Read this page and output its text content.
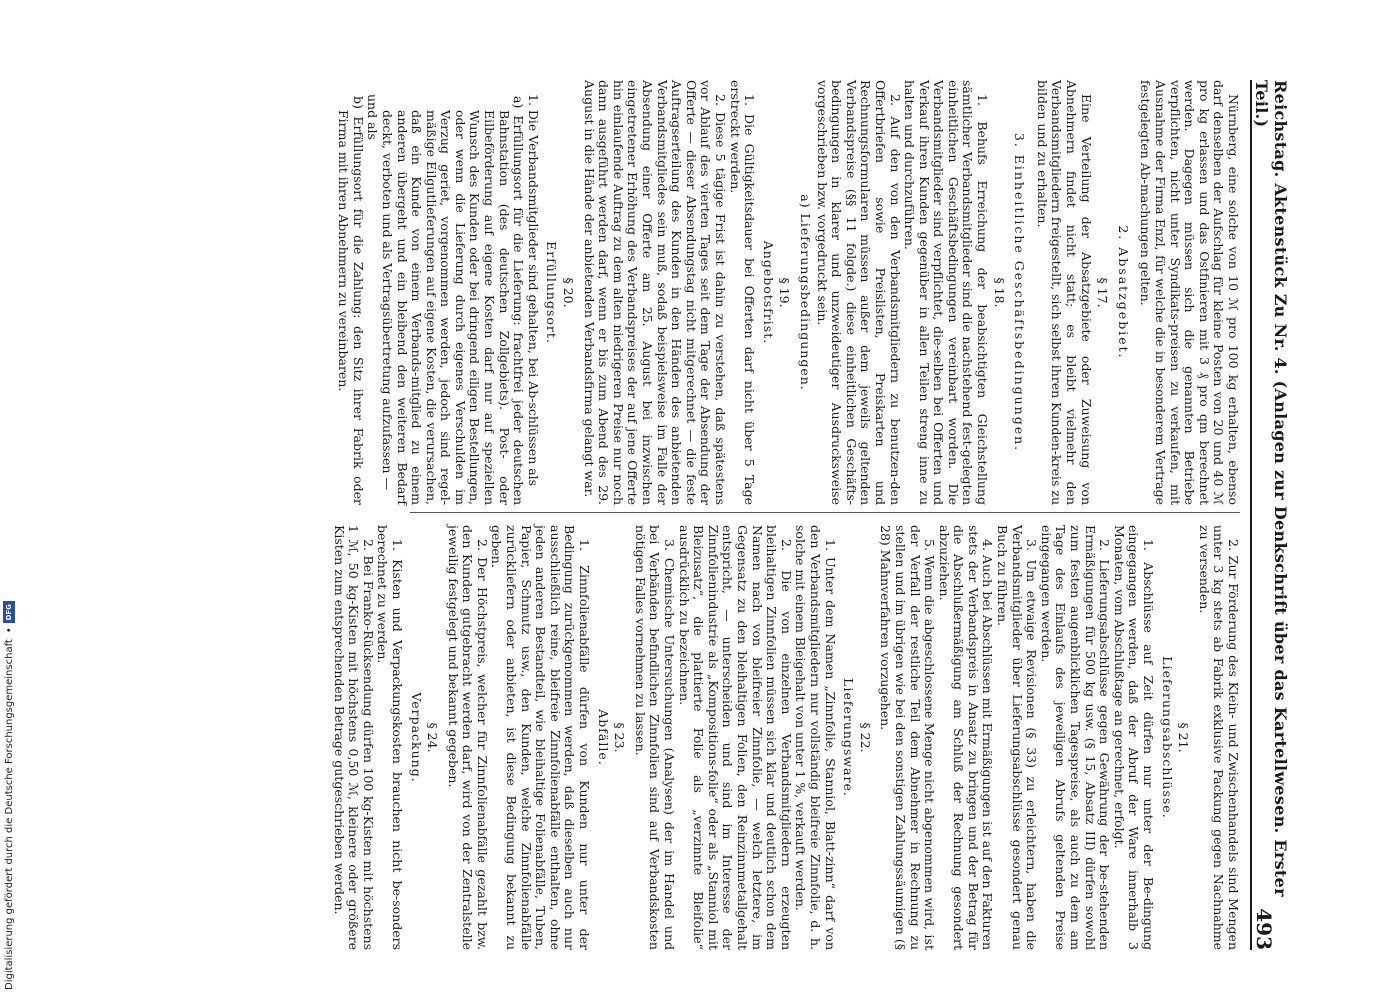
Reichstag. Aktenstück Zu Nr. 4. (Anlagen zur Denkschrift über das Kartellwesen. Erster Teil.)
493

Nürnberg, eine solche von 10 ℳ pro 100 kg erhalten, ebenso darf denselben der Aufschlag für kleine Posten von 20 und 40 ℳ pro kg erlassen und das Ostfinieren mit 3 ₰ pro qm berechnet werden. Dagegen müssen sich die genannten Betriebe verpflichten, nicht unter Syndikats-preisen zu verkaufen, mit Ausnahme der Firma Enzl, für welche die in besonderem Vertrage festgelegten Ab-machungen gelten.

2. Absatzgebiet.

§ 17.

Eine Verteilung der Absatzgebiete oder Zuweisung von Abnehmern findet nicht statt; es bleibt vielmehr den Verbandsmitgliedern freigestellt, sich selbst ihren Kunden-kreis zu bilden und zu erhalten.

3. Einheitliche Geschäftsbedingungen.

§ 18.

1. Behufs Erreichung der beabsichtigten Gleichstellung sämtlicher Verbandsmitglieder sind die nachstehend fest-gelegten einheitlichen Geschäftsbedingungen vereinbart worden. Die Verbandsmitglieder sind verpflichtet, die-selben bei Offerten und Verkauf ihren Kunden gegenüber in allen Teilen streng inne zu halten und durchzuführen.

2. Auf den von den Verbandsmitgliedern zu benutzen-den Offertbriefen sowie Preislisten, Preiskarten und Rechnungsformularen müssen außer dem jeweils geltenden Verbandspreise (§§ 11 folgde.) diese einheitlichen Geschäfts-bedingungen in klarer und unzweideutiger Ausdrucksweise vorgeschrieben bzw. vorgedruckt sein.

a) Lieferungsbedingungen.

§ 19.

Angebotsfrist.

1. Die Gültigkeitsdauer bei Offerten darf nicht über 5 Tage erstreckt werden.

2. Diese 5 tägige Frist ist dahin zu verstehen, daß spätestens vor Ablauf des vierten Tages seit dem Tage der Absendung der Offerte — dieser Absendungstag nicht mitgerechnet — die feste Auftragserteilung des Kunden in den Händen des anbietenden Verbandsmitgliedes sein muß, sodaß beispielsweise im Falle der Absendung einer Offerte am 25. August bei inzwischen eingetretener Erhöhung des Verbandspreises der auf jene Offerte hin einlaufende Auftrag zu dem alten niedrigeren Preise nur noch dann ausgeführt werden darf, wenn er bis zum Abend des 29. August in die Hände der anbietenden Verbandsfirma gelangt war.

§ 20.

Erfüllungsort.

1. Die Verbandsmitglieder sind gehalten, bei Ab-schlüssen als

a) Erfüllungsort für die Lieferung: frachtfrei jeder deutschen Bahnstation (des deutschen Zollgebiets). Post- oder Eilbeförderung auf eigene Kosten darf nur auf speziellen Wunsch des Kunden oder bei dringend eiligen Bestellungen, oder wenn die Lieferung durch eigenes Verschulden im Verzug geriet, vorgenommen werden, jedoch sind regel-mäßige Eilgutlieferungen auf eigene Kosten, die verursachen, daß ein Kunde von einem Verbands-mitglied zu einem anderen übergeht und ein bleibend den weiteren Bedarf deckt, verboten und als Vertragsübertretung aufzufassen —

und als

b) Erfüllungsort für die Zahlung: den Sitz ihrer Fabrik oder Firma mit ihren Abnehmern zu vereinbaren.

2. Zur Förderung des Klein- und Zwischenhandels sind Mengen unter 3 kg stets ab Fabrik exklusive Packung gegen Nachnahme zu versenden.

§ 21.

Lieferungsabschlüsse.

1. Abschlüsse auf Zeit dürfen nur unter der Be-dingung eingegangen werden, daß der Abruf der Ware innerhalb 3 Monaten, vom Abschlußtage an gerechnet, erfolgt.

2. Lieferungsabschlüsse gegen Gewährung der be-stehenden Ermäßigungen für 500 kg usw. (§ 15, Absatz III) dürfen sowohl zum festen augenblicklichen Tagespreise, als auch zu dem am Tage des Einlaufs des jeweiligen Abrufs geltenden Preise eingegangen werden.

3. Um etwaige Revisionen (§ 33) zu erleichtern, haben die Verbandsmitglieder über Lieferungsabschlüsse gesondert genau Buch zu führen.

4. Auch bei Abschlüssen mit Ermäßigungen ist auf den Fakturen stets der Verbandspreis in Ansatz zu bringen und der Betrag für die Abschlußermäßigung am Schluß der Rechnung gesondert abzuziehen.

5. Wenn die abgeschlossene Menge nicht abgenommen wird, ist der Verfall der restliche Teil dem Abnehmer in Rechnung zu stellen und im übrigen wie bei den sonstigen Zahlungssäumigen (§ 28) Mahnverfahren vorzugehen.

§ 22.

Lieferungsware.

1. Unter dem Namen „Zinnfolie, Stanniol, Blatt-zinn“ darf von den Verbandsmitgliedern nur vollständig bleifreie Zinnfolie, d. h. solche mit einem Bleigehalt von unter 1 %, verkauft werden.

2. Die von einzelnen Verbandsmitgliedern erzeugten bleihaltigen Zinnfolien müssen sich klar und deutlich schon dem Namen nach von bleifreier Zinnfolie, — welch letztere, im Gegensatz zu den bleihaltigen Folien, den Reinzinnmetallgehalt entspricht, — unterscheiden und sind im Interesse der Zinnfolienindustrie als „Kompositions-folie“ oder als „Stanniol mit Bleizusatz“, die plattierte Folie als „verzinnte Bleifolie“ ausdrücklich zu bezeichnen.

3. Chemische Untersuchungen (Analysen) der im Handel und bei Verbänden befindlichen Zinnfolien sind auf Verbandskosten nötigen Falles vornehmen zu lassen.

§ 23.

Abfälle.

1. Zinnfolienabfälle dürfen von Kunden nur unter der Bedingung zurückgenommen werden, daß dieselben auch nur ausschließlich reine, bleifreie Zinnfolienabfälle enthalten, ohne jeden anderen Bestandteil, wie bleihaltige Folienabfälle, Tuben, Papier, Schmutz usw., den Kunden, welche Zinnfolienabfälle zurückliefern oder anbieten, ist diese Bedingung bekannt zu geben.

2. Der Höchstpreis, welcher für Zinnfolienabfälle gezahlt bzw. den Kunden gutgebracht werden darf, wird von der Zentralstelle jeweilig festgelegt und bekannt gegeben.

§ 24.

Verpackung.

1. Kisten und Verpackungskosten brauchen nicht be-sonders berechnet zu werden.

2. Bei Franko-Rücksendung dürfen 100 kg-Kisten mit höchstens 1 ℳ, 50 kg-Kisten mit höchstens 0,50 ℳ, kleinere oder größere Kisten zum entsprechenden Betrage gutgeschrieben werden.

Digitalisierung gefördert durch die Deutsche Forschungsgemeinschaft
•
DFG
